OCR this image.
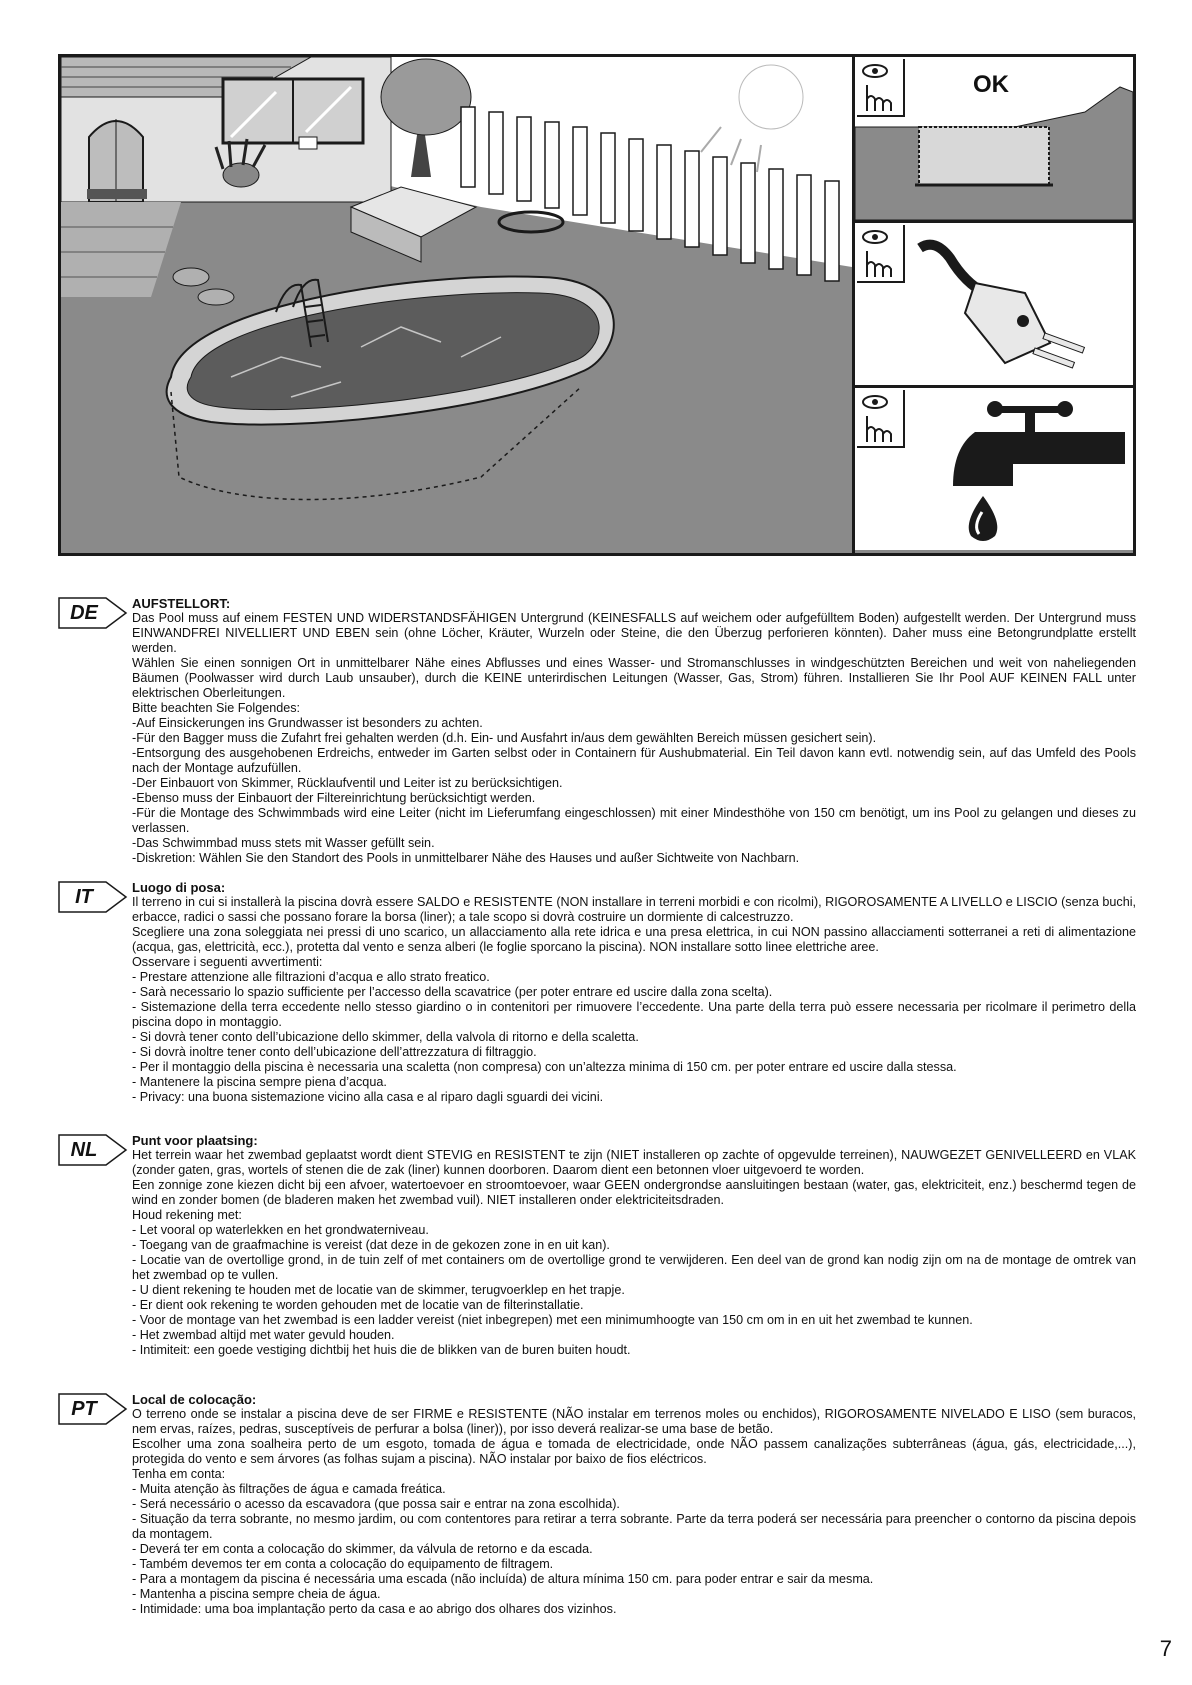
OK
DE	AUFSTELLORT:

Das Pool muss auf einem FESTEN UND WIDERSTANDSFÄHIGEN Untergrund (KEINESFALLS auf weichem oder aufgefülltem Boden) aufgestellt werden. Der Untergrund muss EINWANDFREI NIVELLIERT UND EBEN sein (ohne Löcher, Kräuter, Wurzeln oder Steine, die den Überzug perforieren könnten). Daher muss eine Betongrundplatte erstellt werden.

Wählen Sie einen sonnigen Ort in unmittelbarer Nähe eines Abflusses und eines Wasser- und Stromanschlusses in windgeschützten Bereichen und weit von naheliegenden Bäumen (Poolwasser wird durch Laub unsauber), durch die KEINE unterirdischen Leitungen (Wasser, Gas, Strom) führen. Installieren Sie Ihr Pool AUF KEINEN FALL unter elektrischen Oberleitungen.

Bitte beachten Sie Folgendes:

-Auf Einsickerungen ins Grundwasser ist besonders zu achten.

-Für den Bagger muss die Zufahrt frei gehalten werden (d.h. Ein- und Ausfahrt in/aus dem gewählten Bereich müssen gesichert sein).

-Entsorgung des ausgehobenen Erdreichs, entweder im Garten selbst oder in Containern für Aushubmaterial. Ein Teil davon kann evtl. notwendig sein, auf das Umfeld des Pools nach der Montage aufzufüllen.

-Der Einbauort von Skimmer, Rücklaufventil und Leiter ist zu berücksichtigen.

-Ebenso muss der Einbauort der Filtereinrichtung berücksichtigt werden.

-Für die Montage des Schwimmbads wird eine Leiter (nicht im Lieferumfang eingeschlossen) mit einer Mindesthöhe von 150 cm benötigt, um ins Pool zu gelangen und dieses zu verlassen.

-Das Schwimmbad muss stets mit Wasser gefüllt sein.

-Diskretion: Wählen Sie den Standort des Pools in unmittelbarer Nähe des Hauses und außer Sichtweite von Nachbarn.

IT	Luogo di posa:

Il terreno in cui si installerà la piscina dovrà essere SALDO e RESISTENTE (NON installare in terreni morbidi e con ricolmi), RIGOROSAMENTE A LIVELLO e LISCIO (senza buchi, erbacce, radici o sassi che possano forare la borsa (liner); a tale scopo si dovrà costruire un dormiente di calcestruzzo.

Scegliere una zona soleggiata nei pressi di uno scarico, un allacciamento alla rete idrica e una presa elettrica, in cui NON passino allacciamenti sotterranei a reti di alimentazione (acqua, gas, elettricità, ecc.), protetta dal vento e senza alberi (le foglie sporcano la piscina). NON installare sotto linee elettriche aree.

Osservare i seguenti avvertimenti:

- Prestare attenzione alle filtrazioni d’acqua e allo strato freatico.

- Sarà necessario lo spazio sufficiente per l’accesso della scavatrice (per poter entrare ed uscire dalla zona scelta).

- Sistemazione della terra eccedente nello stesso giardino o in contenitori per rimuovere l’eccedente. Una parte della terra può essere necessaria per ricolmare il perimetro della piscina dopo in montaggio.

- Si dovrà tener conto dell’ubicazione dello skimmer, della valvola di ritorno e della scaletta.

- Si dovrà inoltre tener conto dell’ubicazione dell’attrezzatura di filtraggio.

- Per il montaggio della piscina è necessaria una scaletta (non compresa) con un’altezza minima di 150 cm. per poter entrare ed uscire dalla stessa.

- Mantenere la piscina sempre piena d’acqua.

- Privacy: una buona sistemazione vicino alla casa e al riparo dagli sguardi dei vicini.

NL	Punt voor plaatsing:

Het terrein waar het zwembad geplaatst wordt dient STEVIG en RESISTENT te zijn (NIET installeren op zachte of opgevulde terreinen), NAUWGEZET GENIVELLEERD en VLAK (zonder gaten, gras, wortels of stenen die de zak (liner) kunnen doorboren. Daarom dient een betonnen vloer uitgevoerd te worden.

Een zonnige zone kiezen dicht bij een afvoer, watertoevoer en stroomtoevoer, waar GEEN ondergrondse aansluitingen bestaan (water, gas, elektriciteit, enz.) beschermd tegen de wind en zonder bomen (de bladeren maken het zwembad vuil). NIET installeren onder elektriciteitsdraden.

Houd rekening met:

- Let vooral op waterlekken en het grondwaterniveau.

- Toegang van de graafmachine is vereist (dat deze in de gekozen zone in en uit kan).

- Locatie van de overtollige grond, in de tuin zelf of met containers om de overtollige grond te verwijderen. Een deel van de grond kan nodig zijn om na de montage de omtrek van het zwembad op te vullen.

- U dient rekening te houden met de locatie van de skimmer, terugvoerklep en het trapje.

- Er dient ook rekening te worden gehouden met de locatie van de filterinstallatie.

- Voor de montage van het zwembad is een ladder vereist (niet inbegrepen) met een minimumhoogte van 150 cm om in en uit het zwembad te kunnen.

- Het zwembad altijd met water gevuld houden.

- Intimiteit: een goede vestiging dichtbij het huis die de blikken van de buren buiten houdt.

PT	Local de colocação:

O terreno onde se instalar a piscina deve de ser FIRME e RESISTENTE (NÃO instalar em terrenos moles ou enchidos), RIGOROSAMENTE NIVELADO E LISO (sem buracos, nem ervas, raízes, pedras, susceptíveis de perfurar a bolsa (liner)), por isso deverá realizar-se uma base de betão.

Escolher uma zona soalheira perto de um esgoto, tomada de água e tomada de electricidade, onde NÃO passem canalizações subterrâneas (água, gás, electricidade,...), protegida do vento e sem árvores (as folhas sujam a piscina). NÃO instalar por baixo de fios eléctricos.

Tenha em conta:

- Muita atenção às filtrações de água e camada freática.

- Será necessário o acesso da escavadora (que possa sair e entrar na zona escolhida).

- Situação da terra sobrante, no mesmo jardim, ou com contentores para retirar a terra sobrante. Parte da terra poderá ser necessária para preencher o contorno da piscina depois da montagem.

- Deverá ter em conta a colocação do skimmer, da válvula de retorno e da escada.

- Também devemos ter em conta a colocação do equipamento de filtragem.

- Para a montagem da piscina é necessária uma escada (não incluída) de altura mínima 150 cm. para poder entrar e sair da mesma.

- Mantenha a piscina sempre cheia de água.

- Intimidade: uma boa implantação perto da casa e ao abrigo dos olhares dos vizinhos.

7
